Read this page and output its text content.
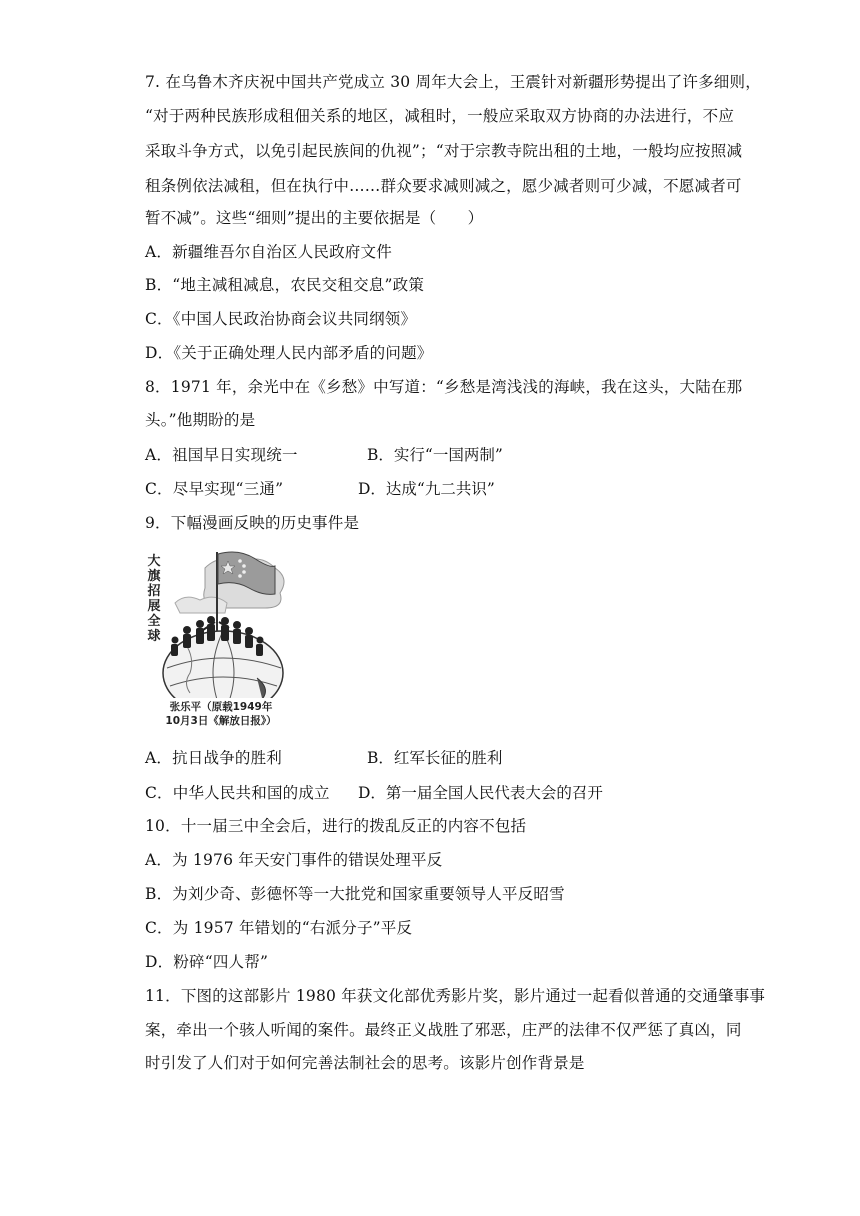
7. 在乌鲁木齐庆祝中国共产党成立 30 周年大会上，王震针对新疆形势提出了许多细则，
“对于两种民族形成租佃关系的地区，减租时，一般应采取双方协商的办法进行，不应
采取斗争方式，以免引起民族间的仇视”；“对于宗教寺院出租的土地，一般均应按照减
租条例依法减租，但在执行中……群众要求减则减之，愿少减者则可少减，不愿减者可
暂不减”。这些“细则”提出的主要依据是（　　）
A．新疆维吾尔自治区人民政府文件
B．“地主减租减息，农民交租交息”政策
C．《中国人民政治协商会议共同纲领》
D．《关于正确处理人民内部矛盾的问题》
8．1971 年，余光中在《乡愁》中写道：“乡愁是湾浅浅的海峡，我在这头，大陆在那
头。”他期盼的是
A．祖国早日实现统一	B．实行“一国两制”
C．尽早实现“三通”	D．达成“九二共识”
9．下幅漫画反映的历史事件是
大
旗
招
展
全
球
张乐平（原载1949年
10月3日《解放日报》）
A．抗日战争的胜利	B．红军长征的胜利
C．中华人民共和国的成立 D．第一届全国人民代表大会的召开
10．十一届三中全会后，进行的拨乱反正的内容不包括
A．为 1976 年天安门事件的错误处理平反
B．为刘少奇、彭德怀等一大批党和国家重要领导人平反昭雪
C．为 1957 年错划的“右派分子”平反
D．粉碎“四人帮”
11．下图的这部影片 1980 年获文化部优秀影片奖，影片通过一起看似普通的交通肇事事
案，牵出一个骇人听闻的案件。最终正义战胜了邪恶，庄严的法律不仅严惩了真凶，同
时引发了人们对于如何完善法制社会的思考。该影片创作背景是
